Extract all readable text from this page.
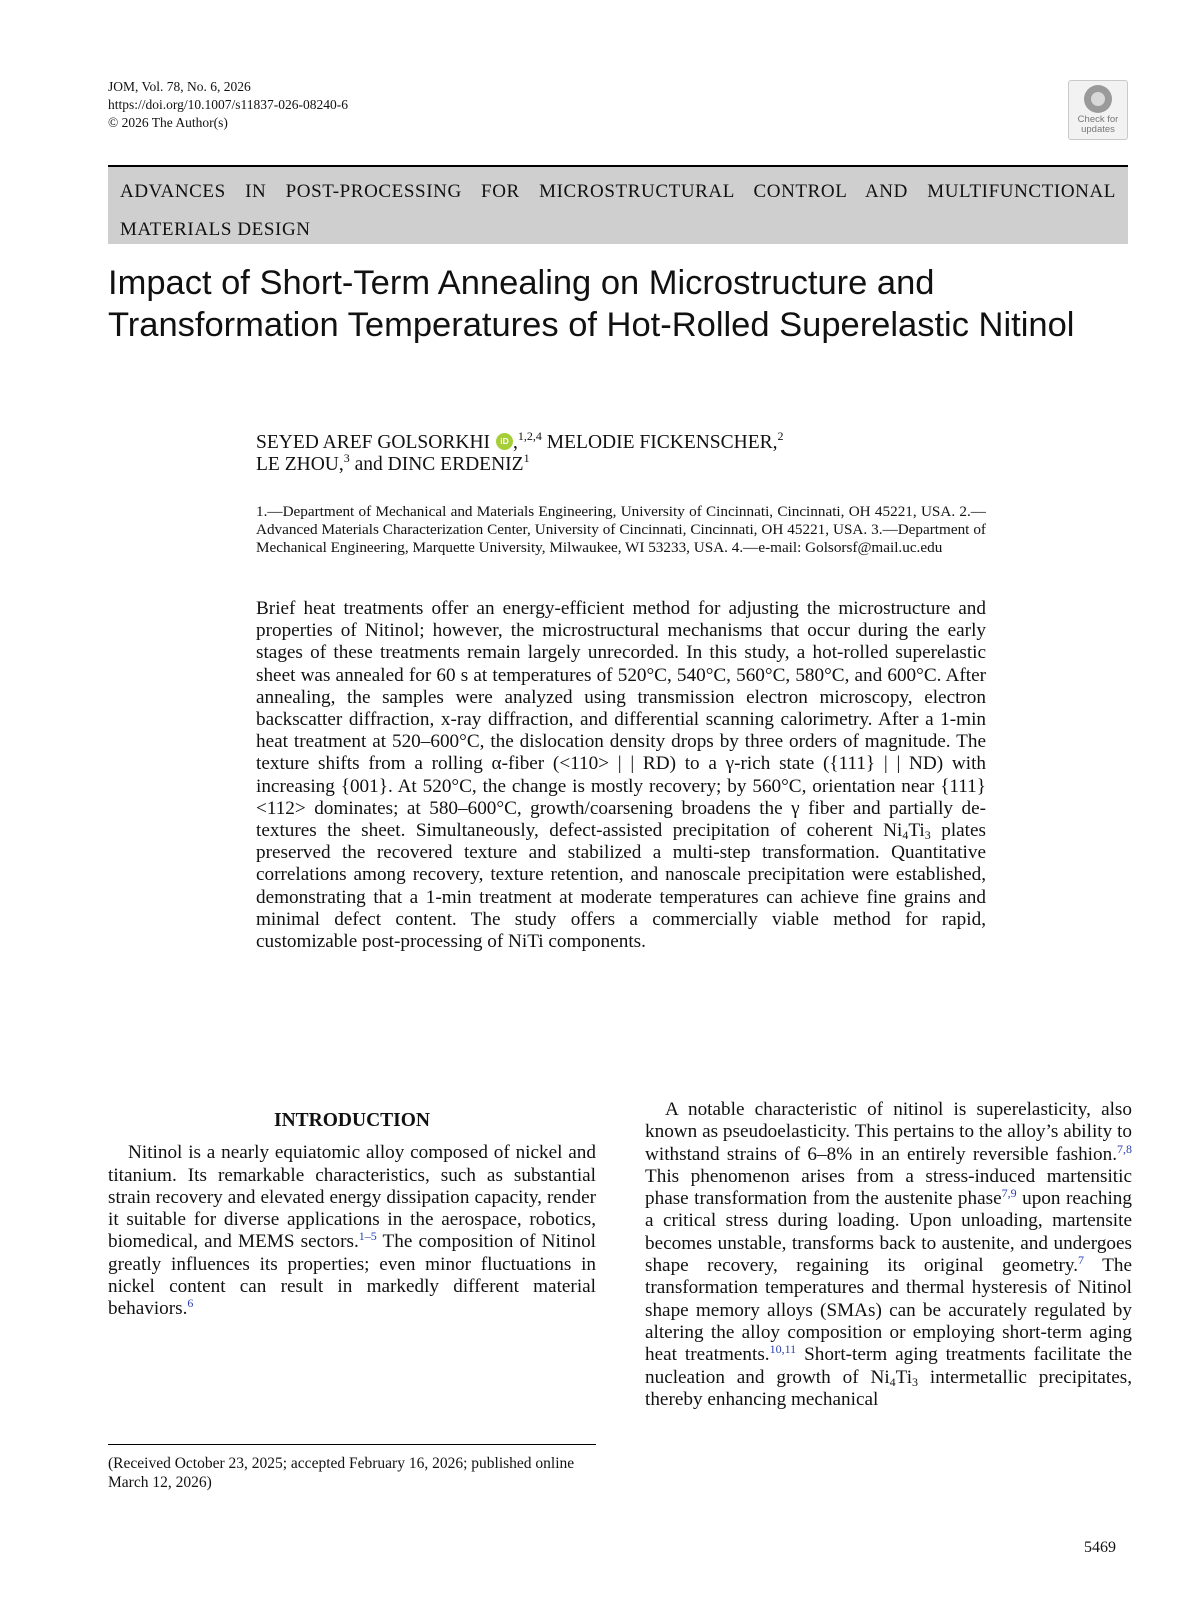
JOM, Vol. 78, No. 6, 2026
https://doi.org/10.1007/s11837-026-08240-6
© 2026 The Author(s)	Check for
updates
ADVANCES IN POST-PROCESSING FOR MICROSTRUCTURAL CONTROL AND MULTIFUNCTIONAL MATERIALS DESIGN
Impact of Short-Term Annealing on Microstructure and Transformation Temperatures of Hot-Rolled Superelastic Nitinol
SEYED AREF GOLSORKHIiD ,$^{1,2,4}$ MELODIE FICKENSCHER,$^2$
LE ZHOU,$^3$ and DINC ERDENIZ$^1$
1.—Department of Mechanical and Materials Engineering, University of Cincinnati, Cincinnati, OH 45221, USA. 2.—Advanced Materials Characterization Center, University of Cincinnati, Cincinnati, OH 45221, USA. 3.—Department of Mechanical Engineering, Marquette University, Milwaukee, WI 53233, USA. 4.—e-mail: Golsorsf@mail.uc.edu
Brief heat treatments offer an energy-efficient method for adjusting the microstructure and properties of Nitinol; however, the microstructural mechanisms that occur during the early stages of these treatments remain largely unrecorded. In this study, a hot-rolled superelastic sheet was annealed for 60 s at temperatures of 520°C, 540°C, 560°C, 580°C, and 600°C. After annealing, the samples were analyzed using transmission electron microscopy, electron backscatter diffraction, x-ray diffraction, and differential scanning calorimetry. After a 1-min heat treatment at 520–600°C, the dislocation density drops by three orders of magnitude. The texture shifts from a rolling α-fiber (<110> | | RD) to a γ-rich state ({111} | | ND) with increasing {001}. At 520°C, the change is mostly recovery; by 560°C, orientation near {111}<112> dominates; at 580–600°C, growth/coarsening broadens the γ fiber and partially de-textures the sheet. Simultaneously, defect-assisted precipitation of coherent $Ni_4Ti_3$ plates preserved the recovered texture and stabilized a multi-step transformation. Quantitative correlations among recovery, texture retention, and nanoscale precipitation were established, demonstrating that a 1-min treatment at moderate temperatures can achieve fine grains and minimal defect content. The study offers a commercially viable method for rapid, customizable post-processing of NiTi components.
INTRODUCTION

Nitinol is a nearly equiatomic alloy composed of nickel and titanium. Its remarkable characteristics, such as substantial strain recovery and elevated energy dissipation capacity, render it suitable for diverse applications in the aerospace, robotics, biomedical, and MEMS sectors.$^{1-5}$ The composition of Nitinol greatly influences its properties; even minor fluctuations in nickel content can result in markedly different material behaviors.$^6$

A notable characteristic of nitinol is superelasticity, also known as pseudoelasticity. This pertains to the alloy’s ability to withstand strains of 6–8% in an entirely reversible fashion.$^{7,8}$ This phenomenon arises from a stress-induced martensitic phase transformation from the austenite phase$^{7,9}$ upon reaching a critical stress during loading. Upon unloading, martensite becomes unstable, transforms back to austenite, and undergoes shape recovery, regaining its original geometry.$^7$ The transformation temperatures and thermal hysteresis of Nitinol shape memory alloys (SMAs) can be accurately regulated by altering the alloy composition or employing short-term aging heat treatments.$^{10,11}$ Short-term aging treatments facilitate the nucleation and growth of $Ni_4Ti_3$ intermetallic precipitates, thereby enhancing mechanical

(Received October 23, 2025; accepted February 16, 2026; published online March 12, 2026)
5469
